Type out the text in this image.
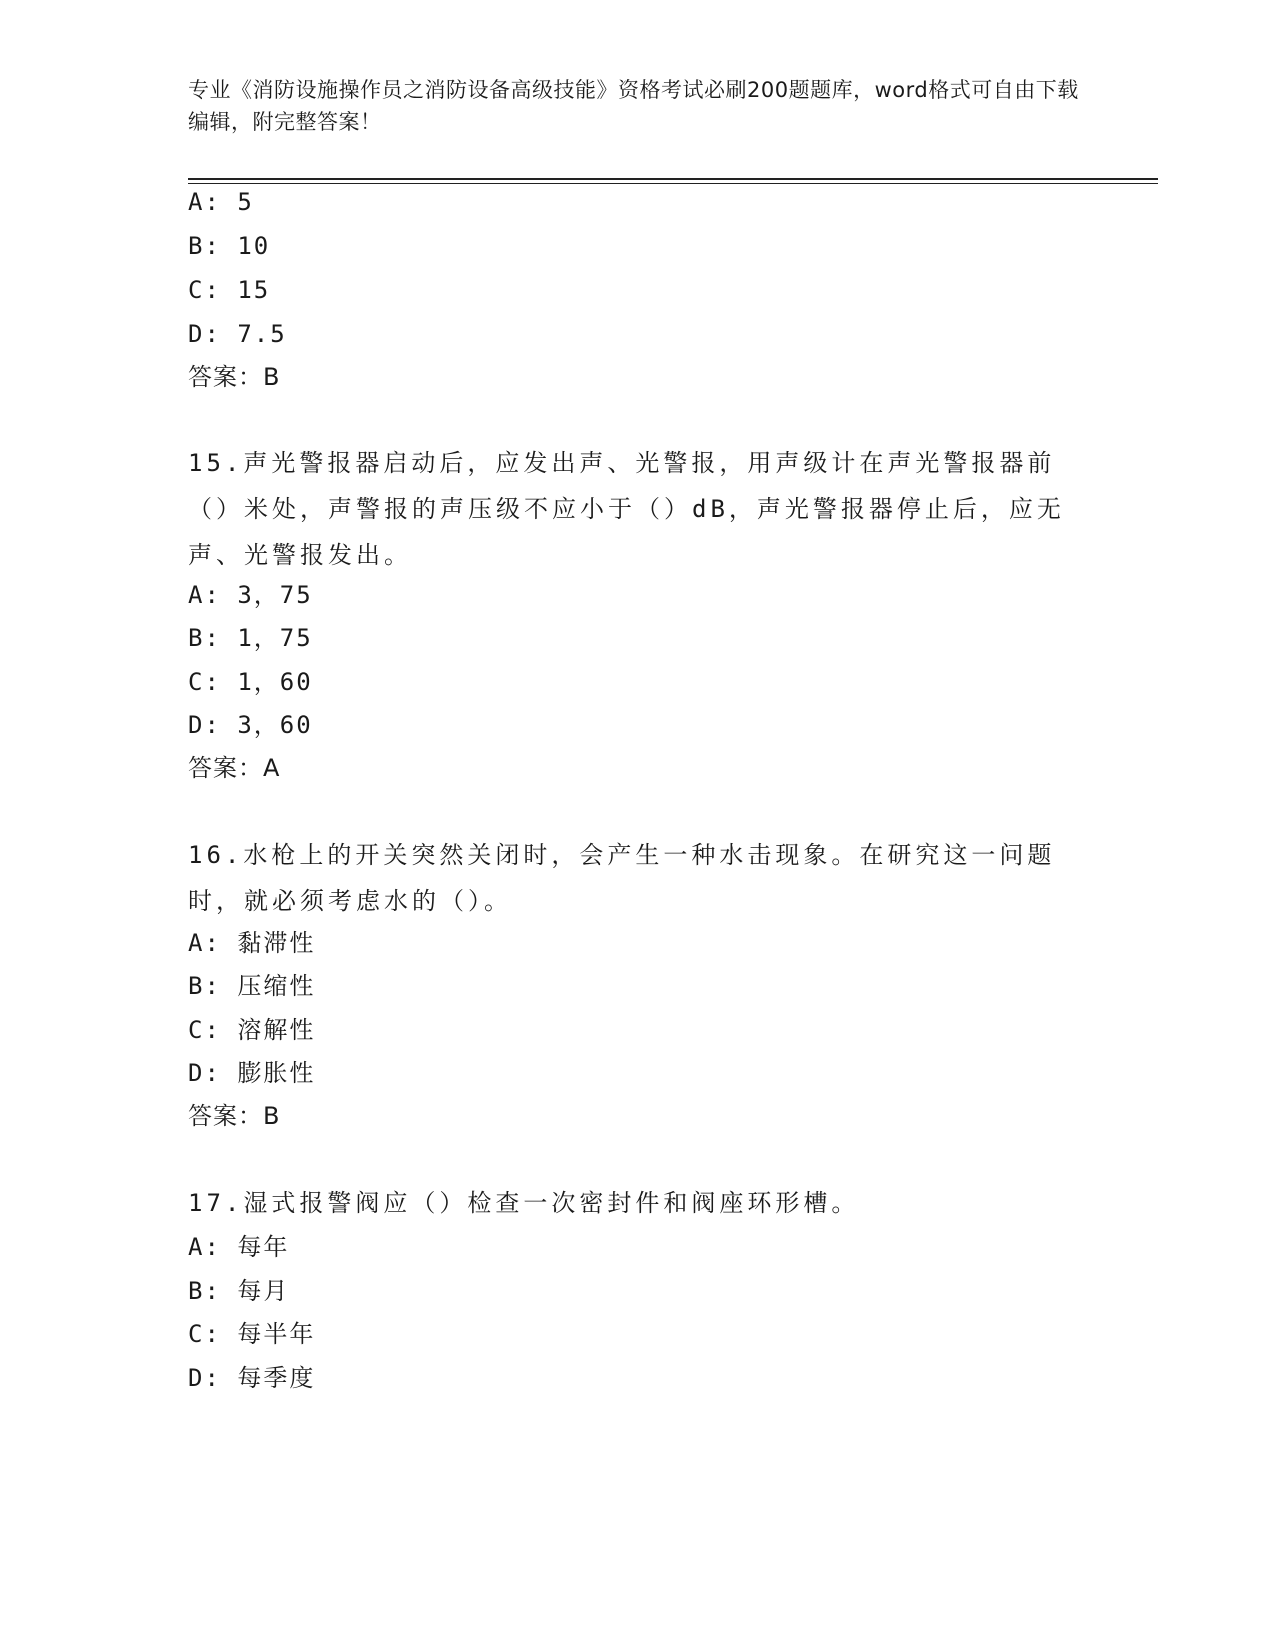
专业《消防设施操作员之消防设备高级技能》资格考试必刷200题题库，word格式可自由下载编辑，附完整答案！
A: 5
B: 10
C: 15
D: 7.5
答案：B
15.声光警报器启动后，应发出声、光警报，用声级计在声光警报器前（）米处，声警报的声压级不应小于（）dB，声光警报器停止后，应无声、光警报发出。
A: 3，75
B: 1，75
C: 1，60
D: 3，60
答案：A
16.水枪上的开关突然关闭时，会产生一种水击现象。在研究这一问题时，就必须考虑水的（）。
A: 黏滞性
B: 压缩性
C: 溶解性
D: 膨胀性
答案：B
17.湿式报警阀应（）检查一次密封件和阀座环形槽。
A: 每年
B: 每月
C: 每半年
D: 每季度
